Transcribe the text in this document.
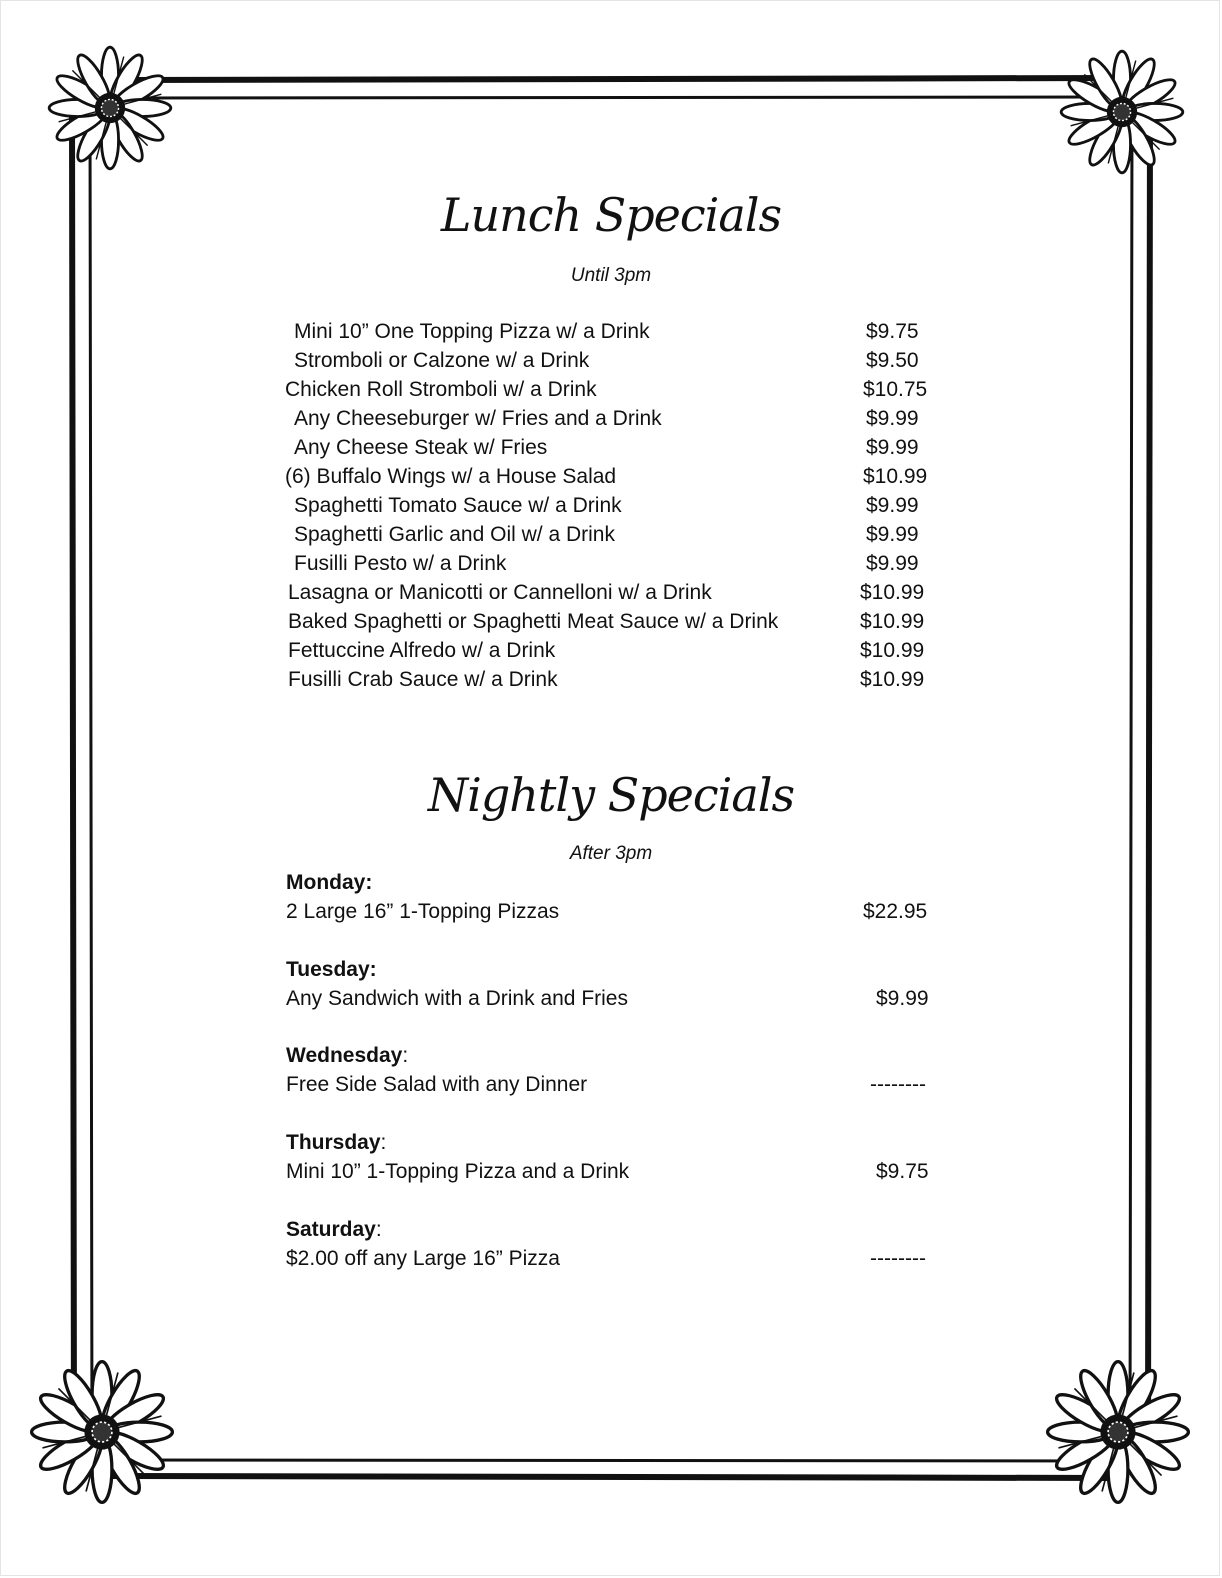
Lunch Specials
Until 3pm
Mini 10” One Topping Pizza w/ a Drink	$9.75
Stromboli or Calzone w/ a Drink	$9.50
Chicken Roll Stromboli w/ a Drink	$10.75
Any Cheeseburger w/ Fries and a Drink	$9.99
Any Cheese Steak w/ Fries	$9.99
(6) Buffalo Wings w/ a House Salad	$10.99
Spaghetti Tomato Sauce w/ a Drink	$9.99
Spaghetti Garlic and Oil w/ a Drink	$9.99
Fusilli Pesto w/ a Drink	$9.99
Lasagna or Manicotti or Cannelloni w/ a Drink	$10.99
Baked Spaghetti or Spaghetti Meat Sauce w/ a Drink	$10.99
Fettuccine Alfredo w/ a Drink	$10.99
Fusilli Crab Sauce w/ a Drink	$10.99
Nightly Specials
After 3pm
Monday:
2 Large 16” 1-Topping Pizzas	$22.95
Tuesday:
Any Sandwich with a Drink and Fries	$9.99
Wednesday:
Free Side Salad with any Dinner	--------
Thursday:
Mini 10” 1-Topping Pizza and a Drink	$9.75
Saturday:
$2.00 off any Large 16” Pizza	--------
